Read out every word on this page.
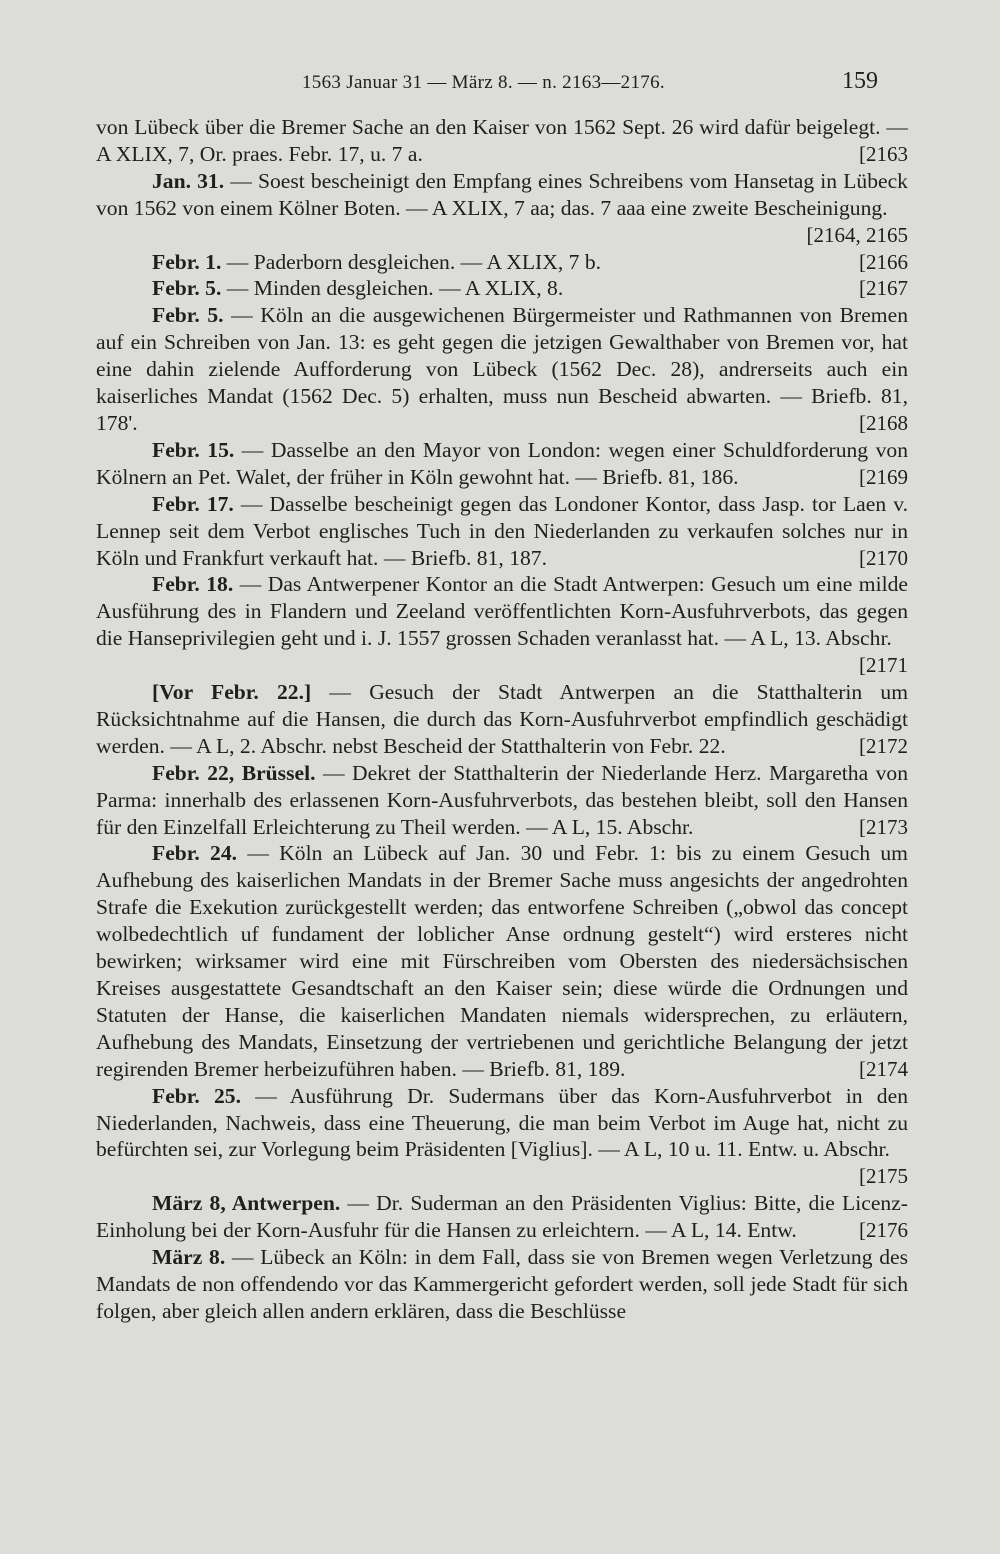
1563 Januar 31 — März 8. — n. 2163—2176.	159

von Lübeck über die Bremer Sache an den Kaiser von 1562 Sept. 26 wird dafür beigelegt. — A XLIX, 7, Or. praes. Febr. 17, u. 7 a.	[2163

Jan. 31. — Soest bescheinigt den Empfang eines Schreibens vom Hansetag in Lübeck von 1562 von einem Kölner Boten. — A XLIX, 7 aa; das. 7 aaa eine zweite Bescheinigung.
[2164, 2165

Febr. 1. — Paderborn desgleichen. — A XLIX, 7 b.	[2166

Febr. 5. — Minden desgleichen. — A XLIX, 8.	[2167

Febr. 5. — Köln an die ausgewichenen Bürgermeister und Rathmannen von Bremen auf ein Schreiben von Jan. 13: es geht gegen die jetzigen Gewalthaber von Bremen vor, hat eine dahin zielende Aufforderung von Lübeck (1562 Dec. 28), andrerseits auch ein kaiserliches Mandat (1562 Dec. 5) erhalten, muss nun Bescheid abwarten. — Briefb. 81, 178'.	[2168

Febr. 15. — Dasselbe an den Mayor von London: wegen einer Schuldforderung von Kölnern an Pet. Walet, der früher in Köln gewohnt hat. — Briefb. 81, 186.	[2169

Febr. 17. — Dasselbe bescheinigt gegen das Londoner Kontor, dass Jasp. tor Laen v. Lennep seit dem Verbot englisches Tuch in den Niederlanden zu verkaufen solches nur in Köln und Frankfurt verkauft hat. — Briefb. 81, 187.	[2170

Febr. 18. — Das Antwerpener Kontor an die Stadt Antwerpen: Gesuch um eine milde Ausführung des in Flandern und Zeeland veröffentlichten Korn-Ausfuhrverbots, das gegen die Hanseprivilegien geht und i. J. 1557 grossen Schaden veranlasst hat. — A L, 13. Abschr.
[2171

[Vor Febr. 22.] — Gesuch der Stadt Antwerpen an die Statthalterin um Rücksichtnahme auf die Hansen, die durch das Korn-Ausfuhrverbot empfindlich geschädigt werden. — A L, 2. Abschr. nebst Bescheid der Statthalterin von Febr. 22.	[2172

Febr. 22, Brüssel. — Dekret der Statthalterin der Niederlande Herz. Margaretha von Parma: innerhalb des erlassenen Korn-Ausfuhrverbots, das bestehen bleibt, soll den Hansen für den Einzelfall Erleichterung zu Theil werden. — A L, 15. Abschr.	[2173

Febr. 24. — Köln an Lübeck auf Jan. 30 und Febr. 1: bis zu einem Gesuch um Aufhebung des kaiserlichen Mandats in der Bremer Sache muss angesichts der angedrohten Strafe die Exekution zurückgestellt werden; das entworfene Schreiben („obwol das concept wolbedechtlich uf fundament der loblicher Anse ordnung gestelt“) wird ersteres nicht bewirken; wirksamer wird eine mit Fürschreiben vom Obersten des niedersächsischen Kreises ausgestattete Gesandtschaft an den Kaiser sein; diese würde die Ordnungen und Statuten der Hanse, die kaiserlichen Mandaten niemals widersprechen, zu erläutern, Aufhebung des Mandats, Einsetzung der vertriebenen und gerichtliche Belangung der jetzt regirenden Bremer herbeizuführen haben. — Briefb. 81, 189.	[2174

Febr. 25. — Ausführung Dr. Sudermans über das Korn-Ausfuhrverbot in den Niederlanden, Nachweis, dass eine Theuerung, die man beim Verbot im Auge hat, nicht zu befürchten sei, zur Vorlegung beim Präsidenten [Viglius]. — A L, 10 u. 11. Entw. u. Abschr.
[2175

März 8, Antwerpen. — Dr. Suderman an den Präsidenten Viglius: Bitte, die Licenz-Einholung bei der Korn-Ausfuhr für die Hansen zu erleichtern. — A L, 14. Entw.	[2176

März 8. — Lübeck an Köln: in dem Fall, dass sie von Bremen wegen Verletzung des Mandats de non offendendo vor das Kammergericht gefordert werden, soll jede Stadt für sich folgen, aber gleich allen andern erklären, dass die Beschlüsse
